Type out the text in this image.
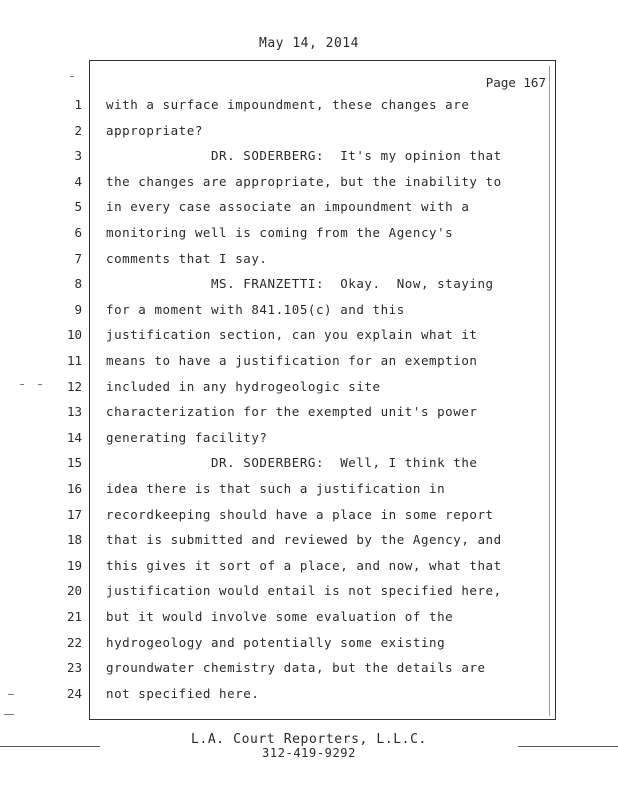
May 14, 2014
Page 167
1 with a surface impoundment, these changes are
2 appropriate?
3 DR. SODERBERG:  It's my opinion that
4 the changes are appropriate, but the inability to
5 in every case associate an impoundment with a
6 monitoring well is coming from the Agency's
7 comments that I say.
8 MS. FRANZETTI:  Okay.  Now, staying
9 for a moment with 841.105(c) and this
10 justification section, can you explain what it
11 means to have a justification for an exemption
12 included in any hydrogeologic site
13 characterization for the exempted unit's power
14 generating facility?
15 DR. SODERBERG:  Well, I think the
16 idea there is that such a justification in
17 recordkeeping should have a place in some report
18 that is submitted and reviewed by the Agency, and
19 this gives it sort of a place, and now, what that
20 justification would entail is not specified here,
21 but it would involve some evaluation of the
22 hydrogeology and potentially some existing
23 groundwater chemistry data, but the details are
24 not specified here.
L.A. Court Reporters, L.L.C.
312-419-9292
